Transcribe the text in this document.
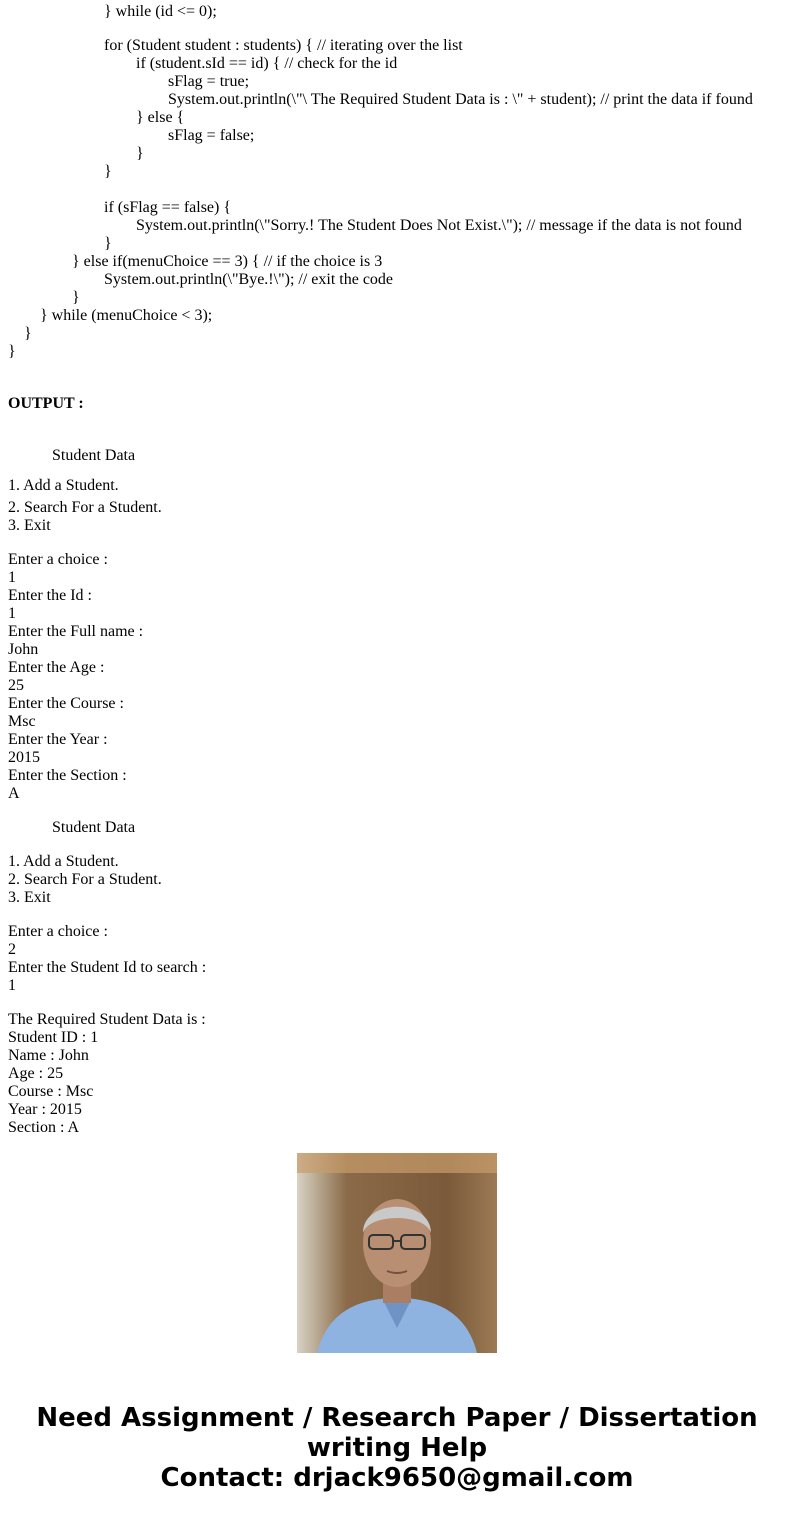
} while (id <= 0);
for (Student student : students) { // iterating over the list
if (student.sId == id) { // check for the id
sFlag = true;
System.out.println(\"\ The Required Student Data is : \" + student); // print the data if found
} else {
sFlag = false;
}
}
if (sFlag == false) {
System.out.println(\"Sorry.! The Student Does Not Exist.\"); // message if the data is not found
}
} else if(menuChoice == 3) { // if the choice is 3
System.out.println(\"Bye.!\"); // exit the code
}
} while (menuChoice < 3);
}
}
OUTPUT :
Student Data
1. Add a Student.
2. Search For a Student.
3. Exit
Enter a choice :
1
Enter the Id :
1
Enter the Full name :
John
Enter the Age :
25
Enter the Course :
Msc
Enter the Year :
2015
Enter the Section :
A
Student Data
1. Add a Student.
2. Search For a Student.
3. Exit
Enter a choice :
2
Enter the Student Id to search :
1
The Required Student Data is :
Student ID : 1
Name : John
Age : 25
Course : Msc
Year : 2015
Section : A
Need Assignment / Research Paper / Dissertation
writing Help
Contact: drjack9650@gmail.com
